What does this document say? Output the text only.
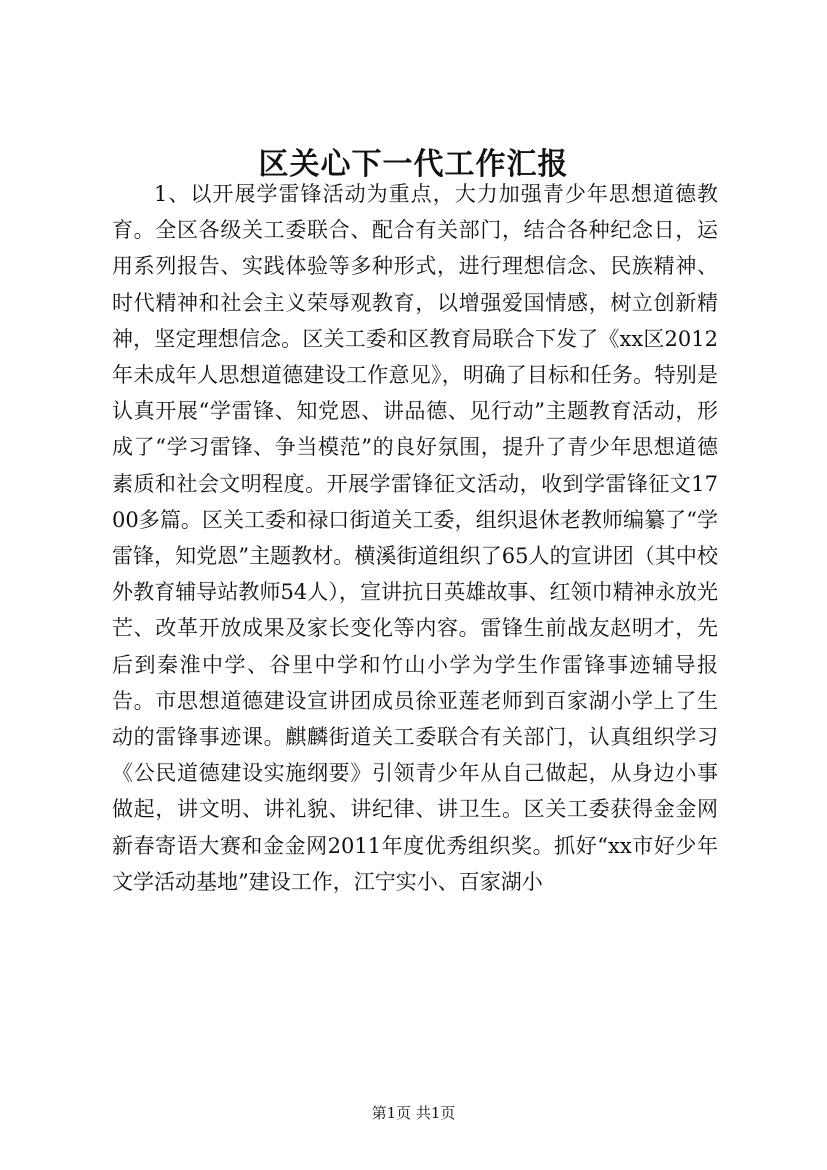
区关心下一代工作汇报

1、以开展学雷锋活动为重点，大力加强青少年思想道德教育。全区各级关工委联合、配合有关部门，结合各种纪念日，运用系列报告、实践体验等多种形式，进行理想信念、民族精神、时代精神和社会主义荣辱观教育，以增强爱国情感，树立创新精神，坚定理想信念。区关工委和区教育局联合下发了《xx区2012年未成年人思想道德建设工作意见》，明确了目标和任务。特别是认真开展“学雷锋、知党恩、讲品德、见行动”主题教育活动，形成了“学习雷锋、争当模范”的良好氛围，提升了青少年思想道德素质和社会文明程度。开展学雷锋征文活动，收到学雷锋征文1700多篇。区关工委和禄口街道关工委，组织退休老教师编纂了“学雷锋，知党恩”主题教材。横溪街道组织了65人的宣讲团（其中校外教育辅导站教师54人），宣讲抗日英雄故事、红领巾精神永放光芒、改革开放成果及家长变化等内容。雷锋生前战友赵明才，先后到秦淮中学、谷里中学和竹山小学为学生作雷锋事迹辅导报告。市思想道德建设宣讲团成员徐亚莲老师到百家湖小学上了生动的雷锋事迹课。麒麟街道关工委联合有关部门，认真组织学习《公民道德建设实施纲要》引领青少年从自己做起，从身边小事做起，讲文明、讲礼貌、讲纪律、讲卫生。区关工委获得金金网新春寄语大赛和金金网2011年度优秀组织奖。抓好“xx市好少年文学活动基地”建设工作，江宁实小、百家湖小

第1页 共1页
